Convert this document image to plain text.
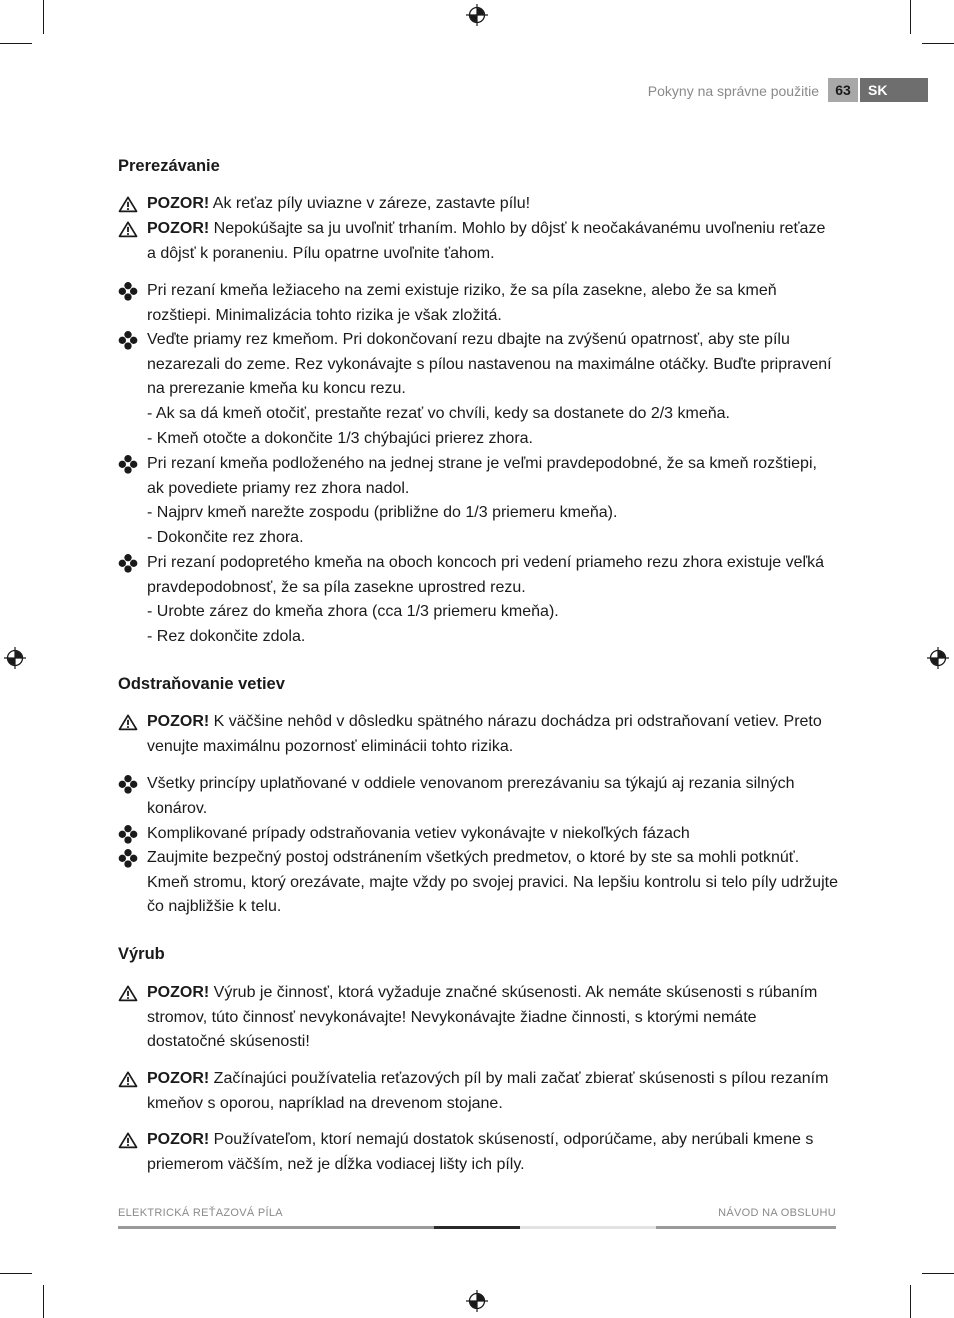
Pokyny na správne použitie	63	SK
Prerezávanie
POZOR! Ak reťaz píly uviazne v záreze, zastavte pílu!
POZOR! Nepokúšajte sa ju uvoľniť trhaním. Mohlo by dôjsť k neočakávanému uvoľneniu reťaze a dôjsť k poraneniu. Pílu opatrne uvoľnite ťahom.
Pri rezaní kmeňa ležiaceho na zemi existuje riziko, že sa píla zasekne, alebo že sa kmeň rozštiepi. Minimalizácia tohto rizika je však zložitá.
Veďte priamy rez kmeňom. Pri dokončovaní rezu dbajte na zvýšenú opatrnosť, aby ste pílu nezarezali do zeme. Rez vykonávajte s pílou nastavenou na maximálne otáčky. Buďte pripravení na prerezanie kmeňa ku koncu rezu.
- Ak sa dá kmeň otočiť, prestaňte rezať vo chvíli, kedy sa dostanete do 2/3 kmeňa.
- Kmeň otočte a dokončite 1/3 chýbajúci prierez zhora.
Pri rezaní kmeňa podloženého na jednej strane je veľmi pravdepodobné, že sa kmeň rozštiepi, ak povediete priamy rez zhora nadol.
- Najprv kmeň narežte zospodu (približne do 1/3 priemeru kmeňa).
- Dokončite rez zhora.
Pri rezaní podopretého kmeňa na oboch koncoch pri vedení priameho rezu zhora existuje veľká pravdepodobnosť, že sa píla zasekne uprostred rezu.
- Urobte zárez do kmeňa zhora (cca 1/3 priemeru kmeňa).
- Rez dokončite zdola.
Odstraňovanie vetiev
POZOR! K väčšine nehôd v dôsledku spätného nárazu dochádza pri odstraňovaní vetiev. Preto venujte maximálnu pozornosť eliminácii tohto rizika.
Všetky princípy uplatňované v oddiele venovanom prerezávaniu sa týkajú aj rezania silných konárov.
Komplikované prípady odstraňovania vetiev vykonávajte v niekoľkých fázach
Zaujmite bezpečný postoj odstránením všetkých predmetov, o ktoré by ste sa mohli potknúť. Kmeň stromu, ktorý orezávate, majte vždy po svojej pravici. Na lepšiu kontrolu si telo píly udržujte čo najbližšie k telu.
Výrub
POZOR! Výrub je činnosť, ktorá vyžaduje značné skúsenosti. Ak nemáte skúsenosti s rúbaním stromov, túto činnosť nevykonávajte! Nevykonávajte žiadne činnosti, s ktorými nemáte dostatočné skúsenosti!
POZOR! Začínajúci používatelia reťazových píl by mali začať zbierať skúsenosti s pílou rezaním kmeňov s oporou, napríklad na drevenom stojane.
POZOR! Používateľom, ktorí nemajú dostatok skúseností, odporúčame, aby nerúbali kmene s priemerom väčším, než je dĺžka vodiacej lišty ich píly.
ELEKTRICKÁ REŤAZOVÁ PÍLA	NÁVOD NA OBSLUHU
